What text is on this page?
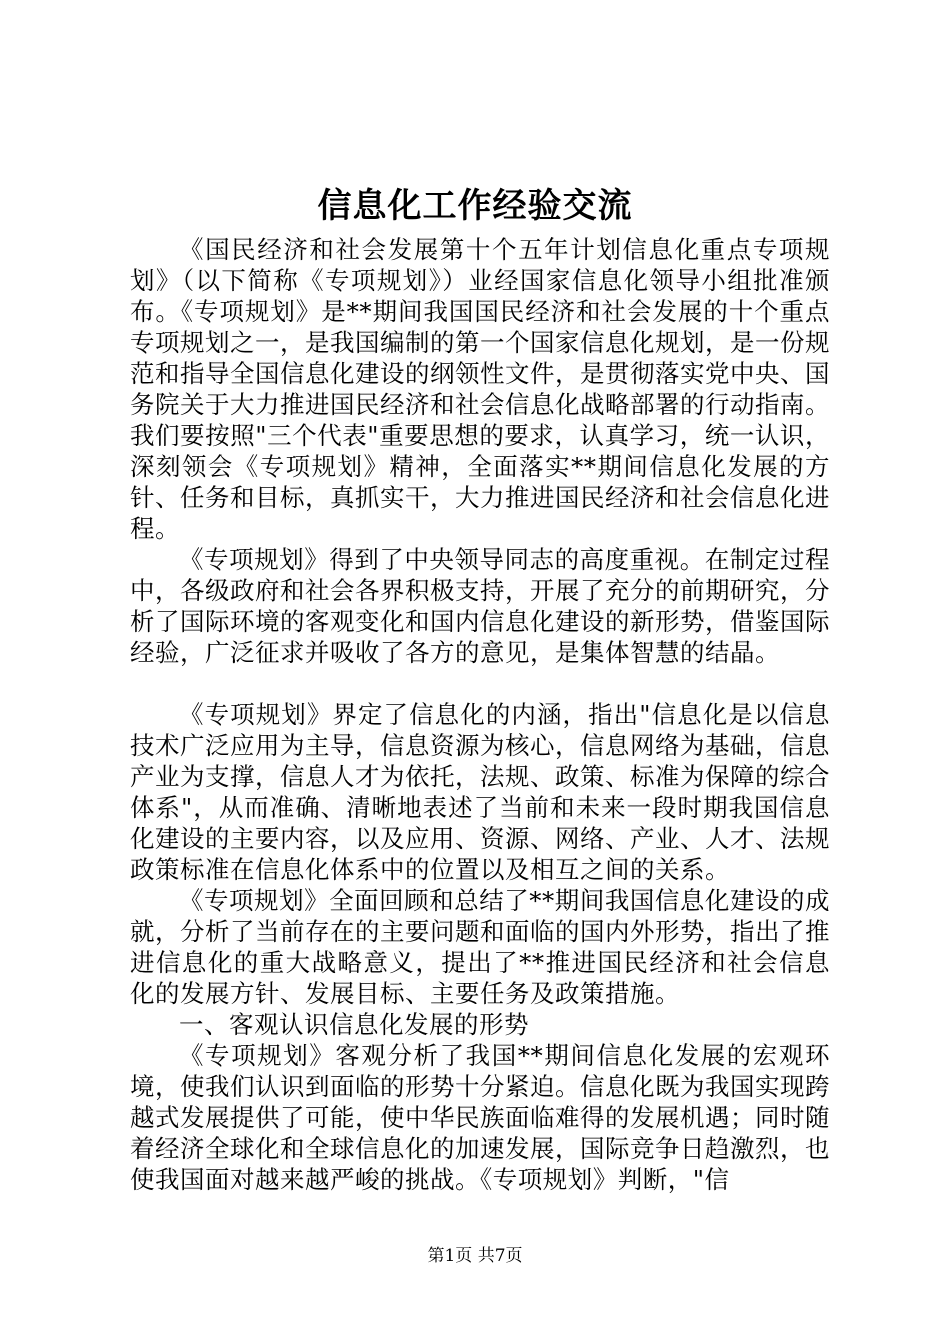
信息化工作经验交流

《国民经济和社会发展第十个五年计划信息化重点专项规划》（以下简称《专项规划》）业经国家信息化领导小组批准颁布。《专项规划》是**期间我国国民经济和社会发展的十个重点专项规划之一，是我国编制的第一个国家信息化规划，是一份规范和指导全国信息化建设的纲领性文件，是贯彻落实党中央、国务院关于大力推进国民经济和社会信息化战略部署的行动指南。我们要按照"三个代表"重要思想的要求，认真学习，统一认识，深刻领会《专项规划》精神，全面落实**期间信息化发展的方针、任务和目标，真抓实干，大力推进国民经济和社会信息化进程。

《专项规划》得到了中央领导同志的高度重视。在制定过程中，各级政府和社会各界积极支持，开展了充分的前期研究，分析了国际环境的客观变化和国内信息化建设的新形势，借鉴国际经验，广泛征求并吸收了各方的意见，是集体智慧的结晶。

《专项规划》界定了信息化的内涵，指出"信息化是以信息技术广泛应用为主导，信息资源为核心，信息网络为基础，信息产业为支撑，信息人才为依托，法规、政策、标准为保障的综合体系"，从而准确、清晰地表述了当前和未来一段时期我国信息化建设的主要内容，以及应用、资源、网络、产业、人才、法规政策标准在信息化体系中的位置以及相互之间的关系。

《专项规划》全面回顾和总结了**期间我国信息化建设的成就，分析了当前存在的主要问题和面临的国内外形势，指出了推进信息化的重大战略意义，提出了**推进国民经济和社会信息化的发展方针、发展目标、主要任务及政策措施。

一、客观认识信息化发展的形势

《专项规划》客观分析了我国**期间信息化发展的宏观环境，使我们认识到面临的形势十分紧迫。信息化既为我国实现跨越式发展提供了可能，使中华民族面临难得的发展机遇；同时随着经济全球化和全球信息化的加速发展，国际竞争日趋激烈，也使我国面对越来越严峻的挑战。《专项规划》判断，"信

第1页 共7页
